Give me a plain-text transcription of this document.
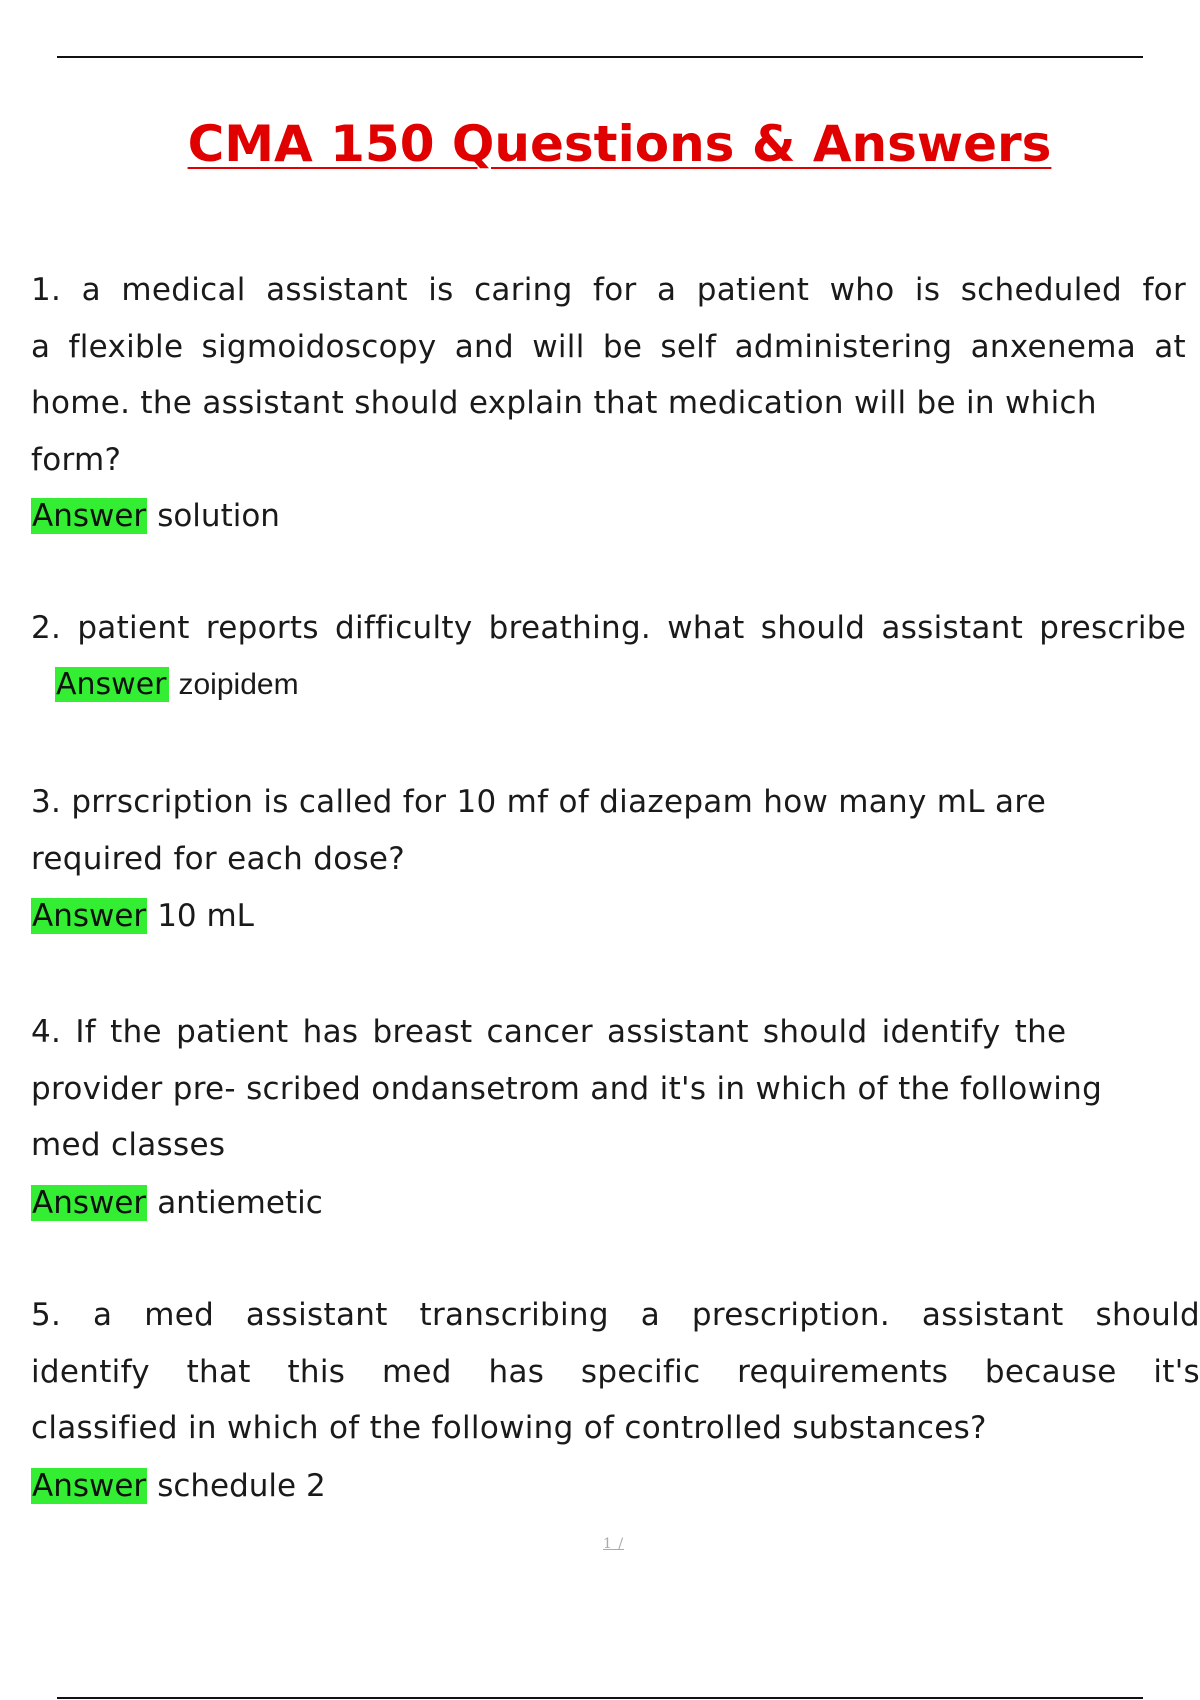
CMA 150 Questions & Answers
1. a medical assistant is caring for a patient who is scheduled for
a flexible sigmoidoscopy and will be self administering anxenema at
home. the assistant should explain that medication will be in which
form?
Answer solution
2. patient reports difficulty breathing. what should assistant prescribe
Answer zoipidem
3. prrscription is called for 10 mf of diazepam how many mL are
required for each dose?
Answer 10 mL
4. If the patient has breast cancer assistant should identify the
provider pre- scribed ondansetrom and it's in which of the following
med classes
Answer antiemetic
5. a med assistant transcribing a prescription. assistant should
identify that this med has specific requirements because it's
classified in which of the following of controlled substances?
Answer schedule 2
1 /
